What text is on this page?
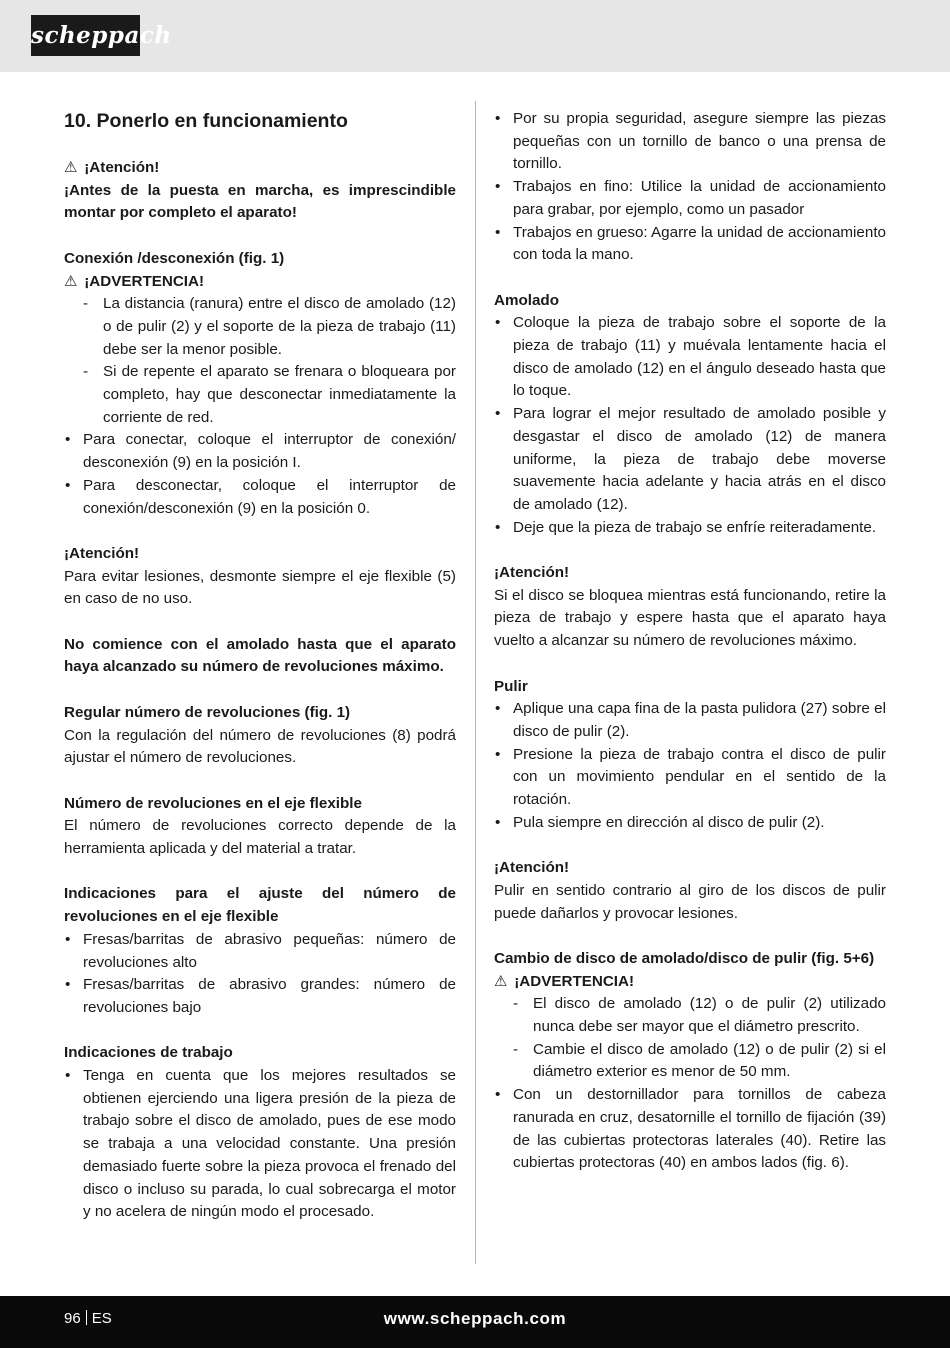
scheppach
10. Ponerlo en funcionamiento

⚠ ¡Atención!

¡Antes de la puesta en marcha, es imprescindible montar por completo el aparato!

Conexión /desconexión (fig. 1)

⚠ ¡ADVERTENCIA!

- La distancia (ranura) entre el disco de amolado (12) o de pulir (2) y el soporte de la pieza de trabajo (11) debe ser la menor posible.
- Si de repente el aparato se frenara o bloqueara por completo, hay que desconectar inmediatamente la corriente de red.
• Para conectar, coloque el interruptor de conexión/ desconexión (9) en la posición I.
• Para desconectar, coloque el interruptor de conexión/desconexión (9) en la posición 0.

¡Atención!

Para evitar lesiones, desmonte siempre el eje flexible (5) en caso de no uso.

No comience con el amolado hasta que el aparato haya alcanzado su número de revoluciones máximo.

Regular número de revoluciones (fig. 1)

Con la regulación del número de revoluciones (8) podrá ajustar el número de revoluciones.

Número de revoluciones en el eje flexible

El número de revoluciones correcto depende de la herramienta aplicada y del material a tratar.

Indicaciones para el ajuste del número de revoluciones en el eje flexible

• Fresas/barritas de abrasivo pequeñas: número de revoluciones alto
• Fresas/barritas de abrasivo grandes: número de revoluciones bajo

Indicaciones de trabajo

• Tenga en cuenta que los mejores resultados se obtienen ejerciendo una ligera presión de la pieza de trabajo sobre el disco de amolado, pues de ese modo se trabaja a una velocidad constante. Una presión demasiado fuerte sobre la pieza provoca el frenado del disco o incluso su parada, lo cual sobrecarga el motor y no acelera de ningún modo el procesado.
• Por su propia seguridad, asegure siempre las piezas pequeñas con un tornillo de banco o una prensa de tornillo.
• Trabajos en fino: Utilice la unidad de accionamiento para grabar, por ejemplo, como un pasador
• Trabajos en grueso: Agarre la unidad de accionamiento con toda la mano.

Amolado

• Coloque la pieza de trabajo sobre el soporte de la pieza de trabajo (11) y muévala lentamente hacia el disco de amolado (12) en el ángulo deseado hasta que lo toque.
• Para lograr el mejor resultado de amolado posible y desgastar el disco de amolado (12) de manera uniforme, la pieza de trabajo debe moverse suavemente hacia adelante y hacia atrás en el disco de amolado (12).
• Deje que la pieza de trabajo se enfríe reiteradamente.

¡Atención!

Si el disco se bloquea mientras está funcionando, retire la pieza de trabajo y espere hasta que el aparato haya vuelto a alcanzar su número de revoluciones máximo.

Pulir

• Aplique una capa fina de la pasta pulidora (27) sobre el disco de pulir (2).
• Presione la pieza de trabajo contra el disco de pulir con un movimiento pendular en el sentido de la rotación.
• Pula siempre en dirección al disco de pulir (2).

¡Atención!

Pulir en sentido contrario al giro de los discos de pulir puede dañarlos y provocar lesiones.

Cambio de disco de amolado/disco de pulir (fig. 5+6)

⚠ ¡ADVERTENCIA!

- El disco de amolado (12) o de pulir (2) utilizado nunca debe ser mayor que el diámetro prescrito.
- Cambie el disco de amolado (12) o de pulir (2) si el diámetro exterior es menor de 50 mm.
• Con un destornillador para tornillos de cabeza ranurada en cruz, desatornille el tornillo de fijación (39) de las cubiertas protectoras laterales (40). Retire las cubiertas protectoras (40) en ambos lados (fig. 6).
96 ES	www.scheppach.com
